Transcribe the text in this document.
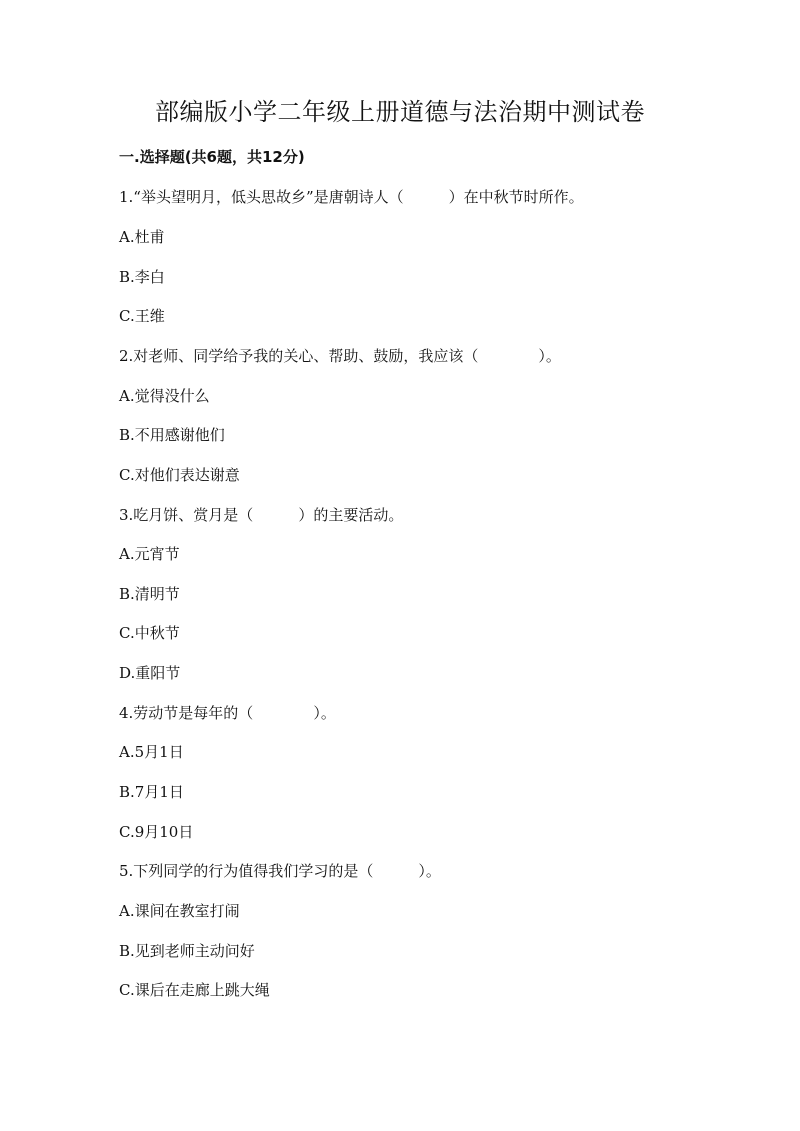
部编版小学二年级上册道德与法治期中测试卷
一.选择题(共6题，共12分)
1.“举头望明月，低头思故乡”是唐朝诗人（　　　）在中秋节时所作。
A.杜甫
B.李白
C.王维
2.对老师、同学给予我的关心、帮助、鼓励，我应该（　　　　）。
A.觉得没什么
B.不用感谢他们
C.对他们表达谢意
3.吃月饼、赏月是（　　　）的主要活动。
A.元宵节
B.清明节
C.中秋节
D.重阳节
4.劳动节是每年的（　　　　）。
A.5月1日
B.7月1日
C.9月10日
5.下列同学的行为值得我们学习的是（　　　）。
A.课间在教室打闹
B.见到老师主动问好
C.课后在走廊上跳大绳
